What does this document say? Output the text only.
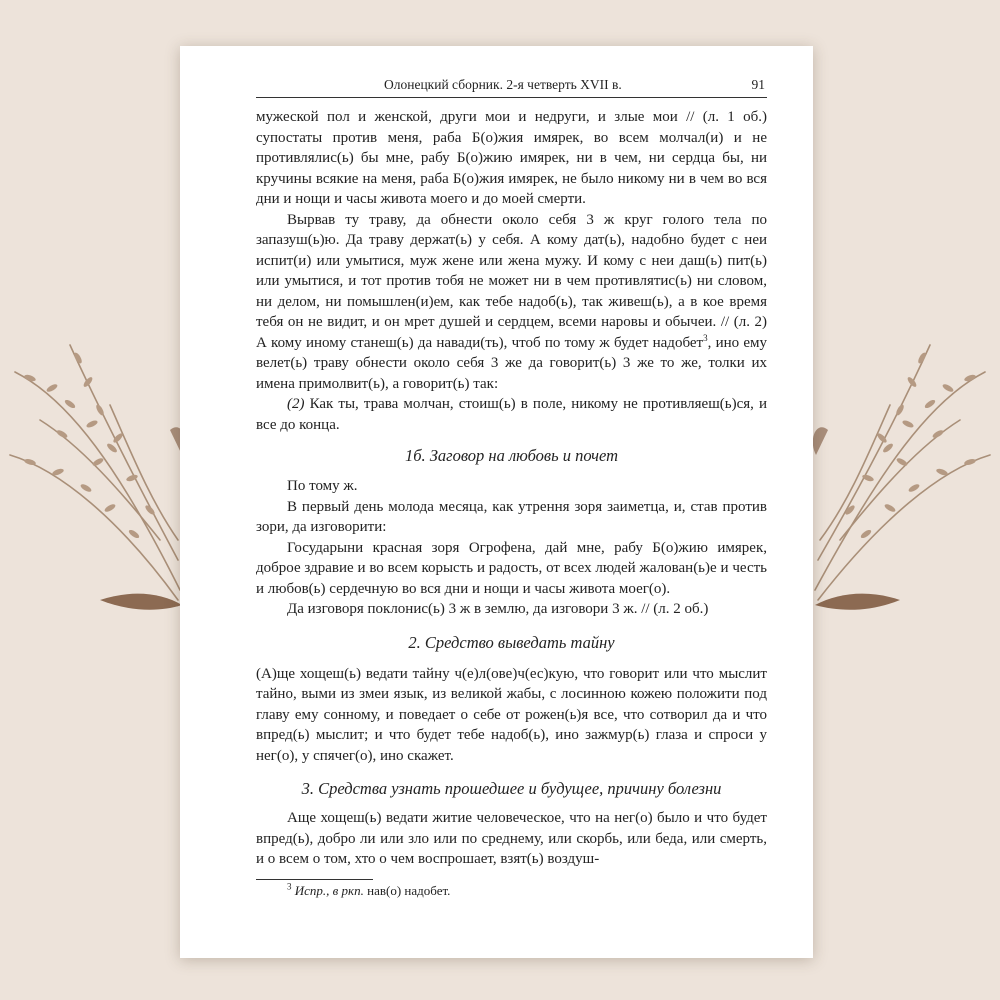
Олонецкий сборник. 2-я четверть XVII в.	91

мужеской пол и женской, други мои и недруги, и злые мои // (л. 1 об.) супостаты против меня, раба Б(о)жия имярек, во всем молчал(и) и не противлялис(ь) бы мне, рабу Б(о)жию имярек, ни в чем, ни сердца бы, ни кручины всякие на меня, раба Б(о)жия имярек, не было никому ни в чем во вся дни и нощи и часы живота моего и до моей смерти.

Вырвав ту траву, да обнести около себя 3 ж круг голого тела по запазуш(ь)ю. Да траву держат(ь) у себя. А кому дат(ь), надобно будет с неи испит(и) или умытися, муж жене или жена мужу. И кому с неи даш(ь) пит(ь) или умытися, и тот против тобя не может ни в чем противлятис(ь) ни словом, ни делом, ни помышлен(и)ем, как тебе надоб(ь), так живеш(ь), а в кое время тебя он не видит, и он мрет душей и сердцем, всеми наровы и обычеи. // (л. 2) А кому иному станеш(ь) да навади(ть), чтоб по тому ж будет надобет$^3$, ино ему велет(ь) траву обнести около себя 3 же да говорит(ь) 3 же то же, толки их имена примолвит(ь), а говорит(ь) так:

(2) Как ты, трава молчан, стоиш(ь) в поле, никому не противляеш(ь)ся, и все до конца.

1б. Заговор на любовь и почет

По тому ж.

В первый день молода месяца, как утрення зоря заиметца, и, став против зори, да изговорити:

Государыни красная зоря Огрофена, дай мне, рабу Б(о)жию имярек, доброе здравие и во всем корысть и радость, от всех людей жалован(ь)е и честь и любов(ь) сердечную во вся дни и нощи и часы живота моег(о).

Да изговоря поклонис(ь) 3 ж в землю, да изговори 3 ж. // (л. 2 об.)

2. Средство выведать тайну

(А)ще хощеш(ь) ведати тайну ч(е)л(ове)ч(ес)кую, что говорит или что мыслит тайно, выми из змеи язык, из великой жабы, с лосинною кожею положити под главу ему сонному, и поведает о себе от рожен(ь)я все, что сотворил да и что впред(ь) мыслит; и что будет тебе надоб(ь), ино зажмур(ь) глаза и спроси у нег(о), у спячег(о), ино скажет.

3. Средства узнать прошедшее и будущее, причину болезни

Аще хощеш(ь) ведати житие человеческое, что на нег(о) было и что будет впред(ь), добро ли или зло или по среднему, или скорбь, или беда, или смерть, и о всем о том, хто о чем воспрошает, взят(ь) воздуш-

$^3$ Испр., в ркп. нав(о) надобет.
